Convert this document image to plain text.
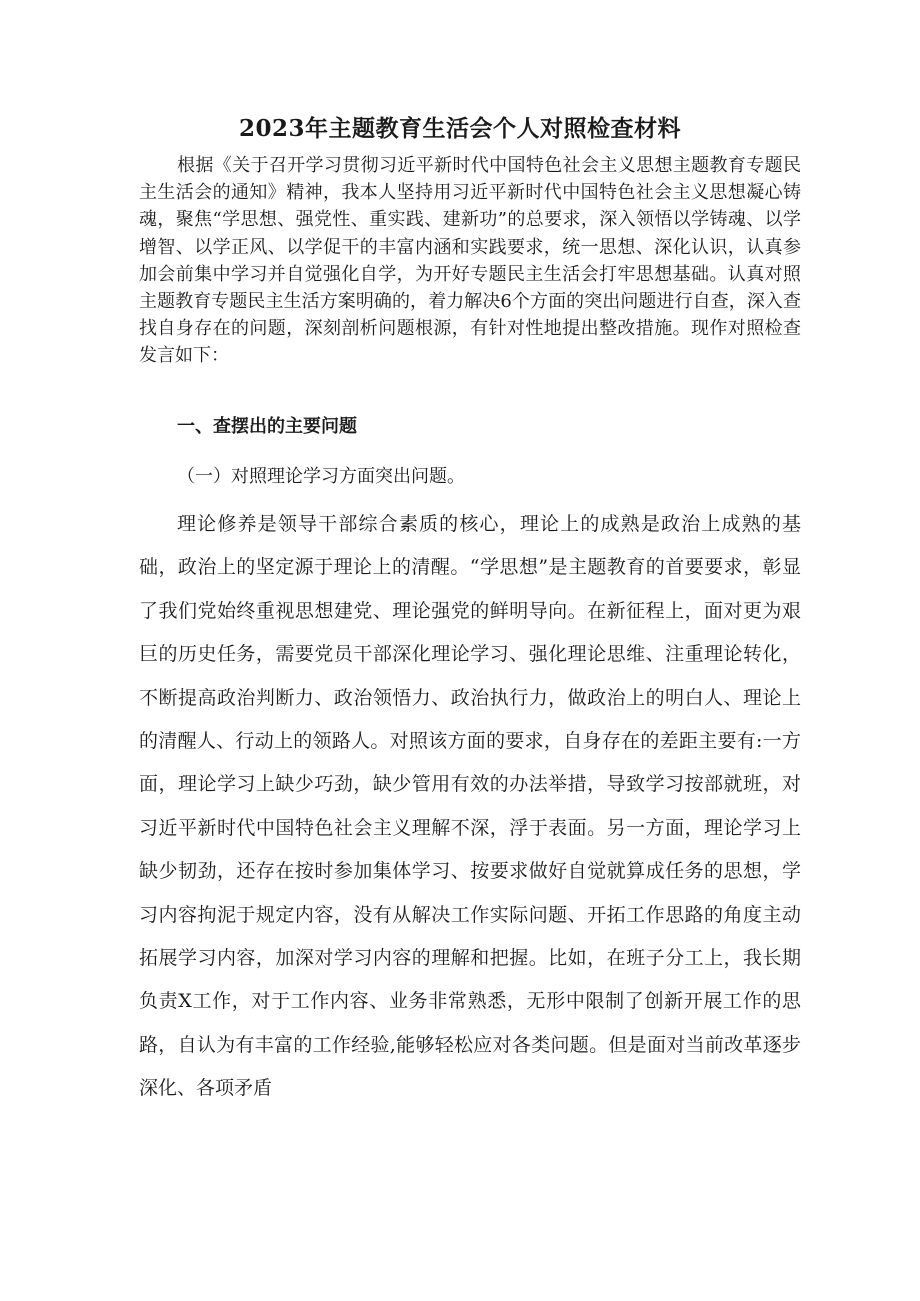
2023年主题教育生活会个人对照检查材料

根据《关于召开学习贯彻习近平新时代中国特色社会主义思想主题教育专题民主生活会的通知》精神，我本人坚持用习近平新时代中国特色社会主义思想凝心铸魂，聚焦“学思想、强党性、重实践、建新功”的总要求，深入领悟以学铸魂、以学增智、以学正风、以学促干的丰富内涵和实践要求，统一思想、深化认识，认真参加会前集中学习并自觉强化自学，为开好专题民主生活会打牢思想基础。认真对照主题教育专题民主生活方案明确的，着力解决6个方面的突出问题进行自查，深入查找自身存在的问题，深刻剖析问题根源，有针对性地提出整改措施。现作对照检查发言如下：

一、查摆出的主要问题
（一）对照理论学习方面突出问题。

理论修养是领导干部综合素质的核心，理论上的成熟是政治上成熟的基础，政治上的坚定源于理论上的清醒。“学思想”是主题教育的首要要求，彰显了我们党始终重视思想建党、理论强党的鲜明导向。在新征程上，面对更为艰巨的历史任务，需要党员干部深化理论学习、强化理论思维、注重理论转化，不断提高政治判断力、政治领悟力、政治执行力，做政治上的明白人、理论上的清醒人、行动上的领路人。对照该方面的要求，自身存在的差距主要有:一方面，理论学习上缺少巧劲，缺少管用有效的办法举措，导致学习按部就班，对习近平新时代中国特色社会主义理解不深，浮于表面。另一方面，理论学习上缺少韧劲，还存在按时参加集体学习、按要求做好自觉就算成任务的思想，学习内容拘泥于规定内容，没有从解决工作实际问题、开拓工作思路的角度主动拓展学习内容，加深对学习内容的理解和把握。比如，在班子分工上，我长期负责X工作，对于工作内容、业务非常熟悉，无形中限制了创新开展工作的思路，自认为有丰富的工作经验,能够轻松应对各类问题。但是面对当前改革逐步深化、各项矛盾
